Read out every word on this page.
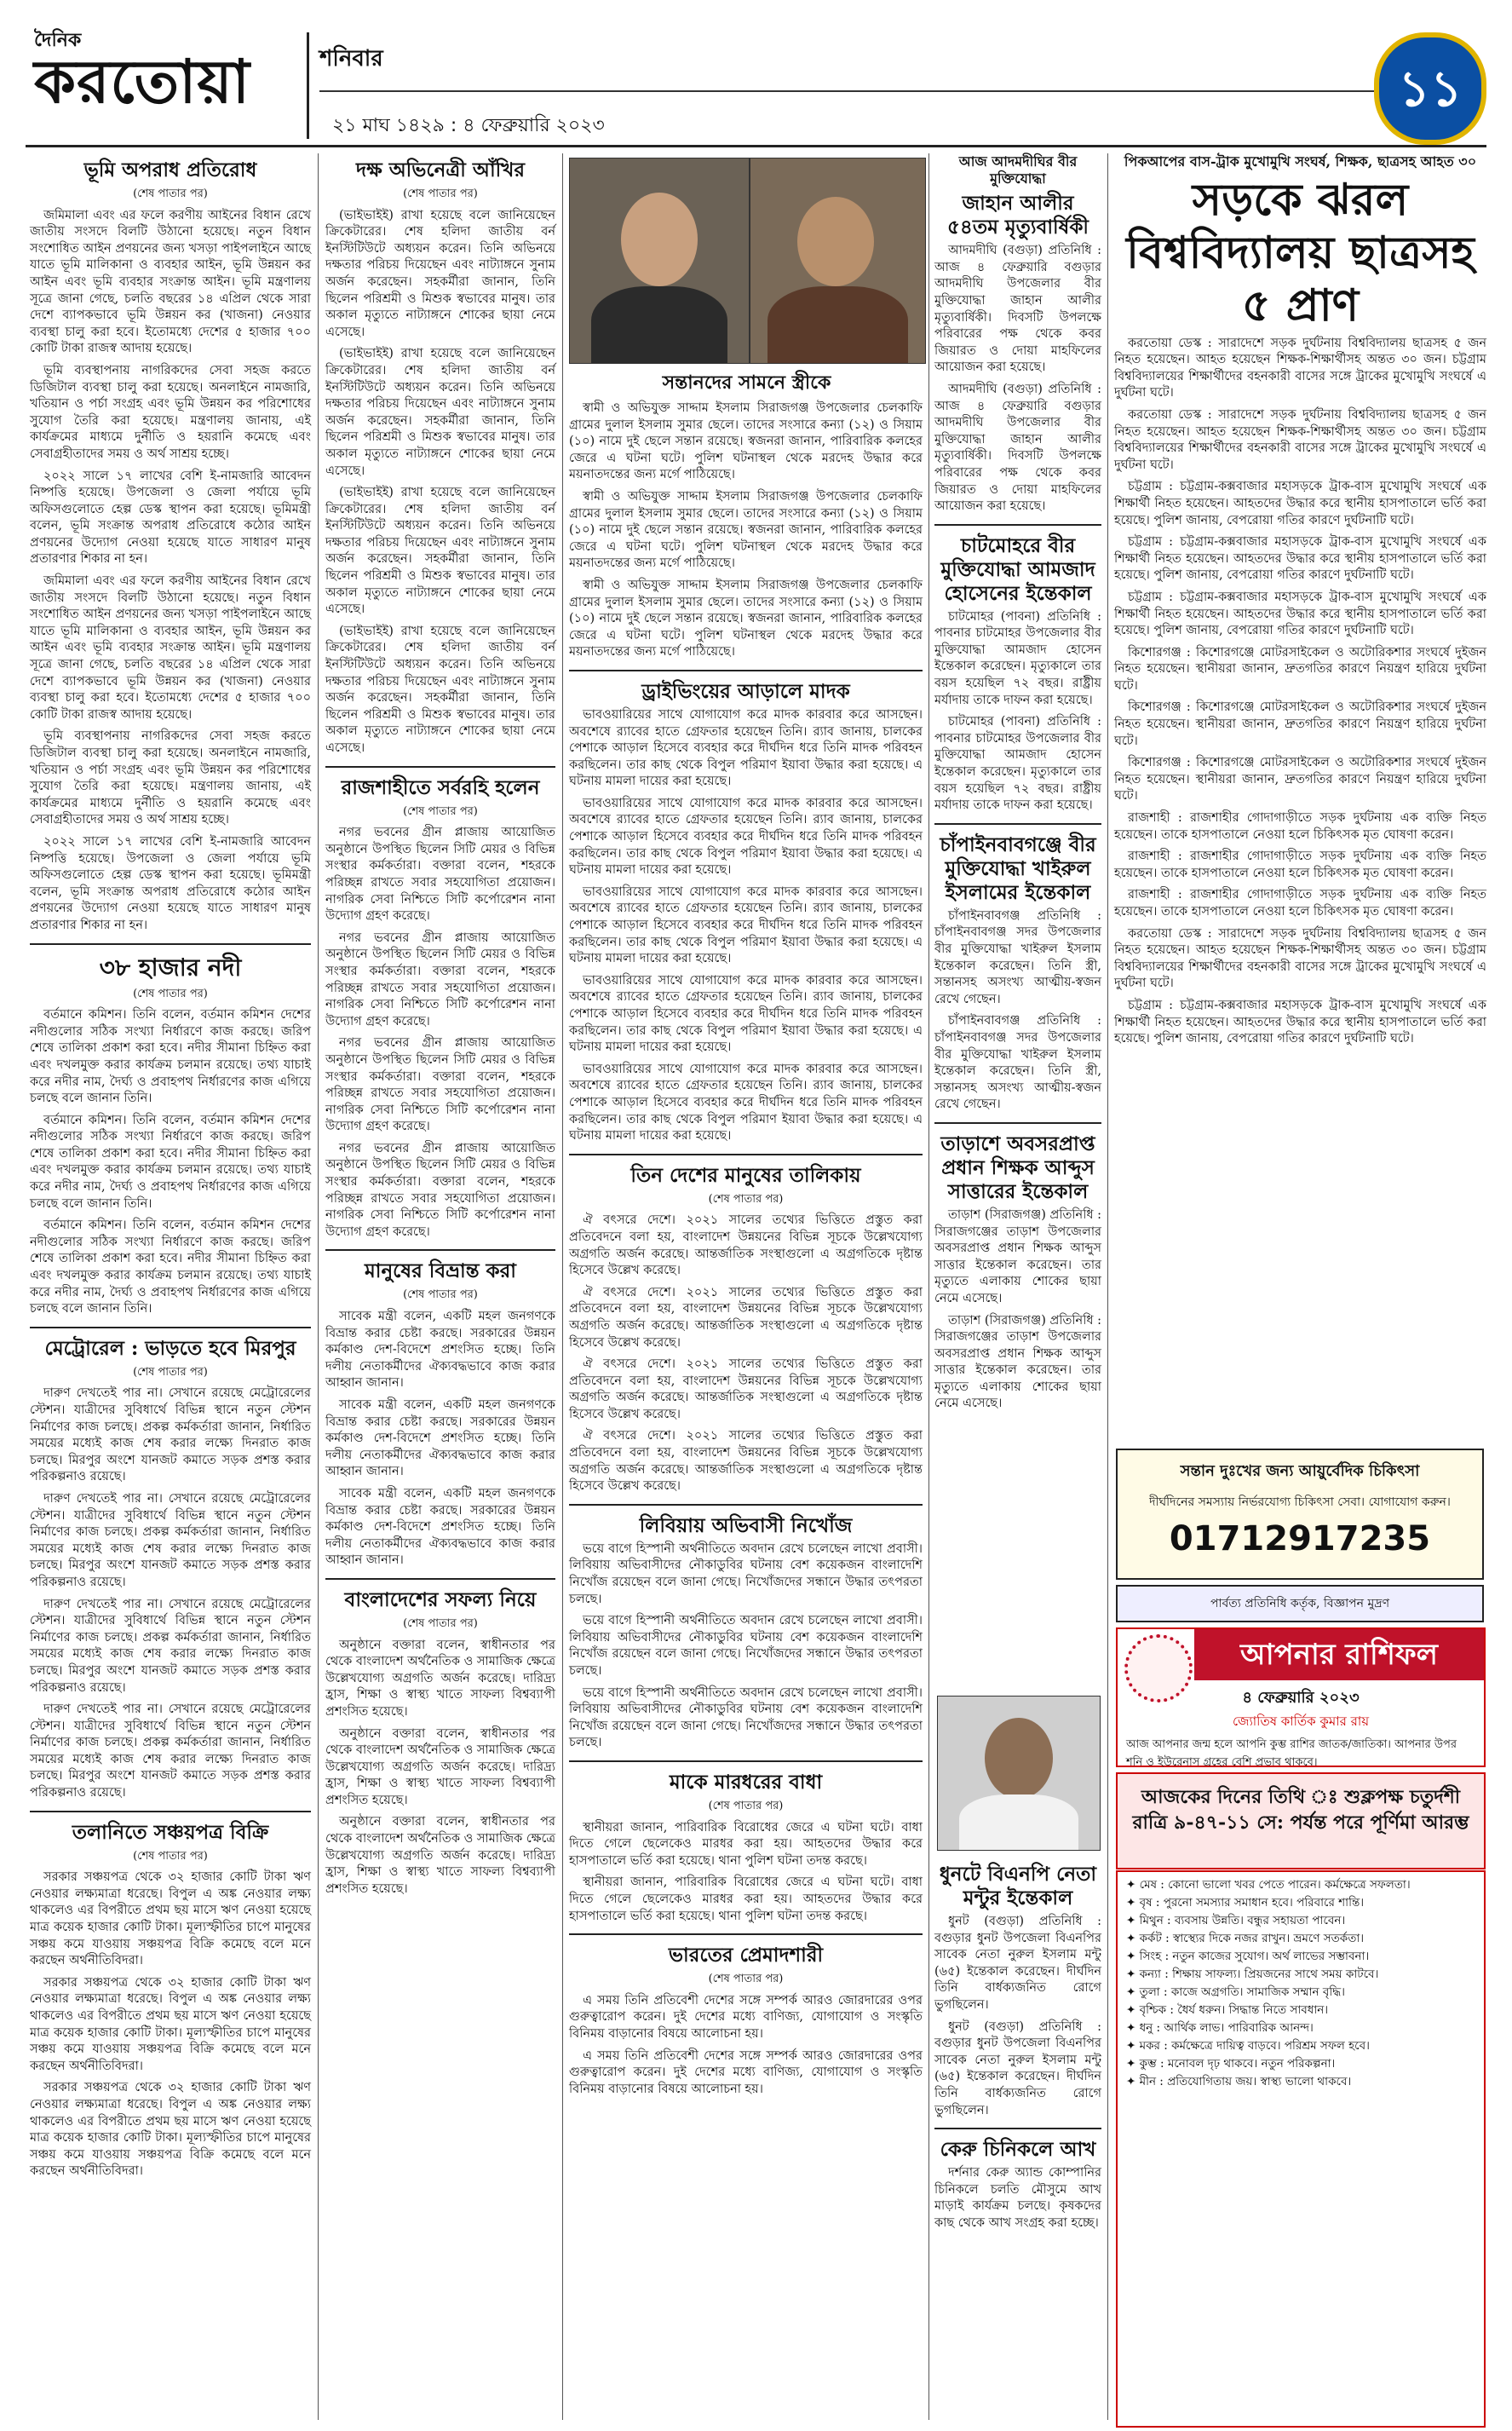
দৈনিক
করতোয়া	শনিবার
২১ মাঘ ১৪২৯ : ৪ ফেব্রুয়ারি ২০২৩
১১
ভূমি অপরাধ প্রতিরোধ
(শেষ পাতার পর)

জমিমালা এবং এর ফলে করণীয় আইনের বিধান রেখে জাতীয় সংসদে বিলটি উঠানো হয়েছে। নতুন বিধান সংশোধিত আইন প্রণয়নের জন্য খসড়া পাইপলাইনে আছে যাতে ভূমি মালিকানা ও ব্যবহার আইন, ভূমি উন্নয়ন কর আইন এবং ভূমি ব্যবহার সংক্রান্ত আইন। ভূমি মন্ত্রণালয় সূত্রে জানা গেছে, চলতি বছরের ১৪ এপ্রিল থেকে সারা দেশে ব্যাপকভাবে ভূমি উন্নয়ন কর (খাজনা) নেওয়ার ব্যবস্থা চালু করা হবে। ইতোমধ্যে দেশের ৫ হাজার ৭০০ কোটি টাকা রাজস্ব আদায় হয়েছে।

ভূমি ব্যবস্থাপনায় নাগরিকদের সেবা সহজ করতে ডিজিটাল ব্যবস্থা চালু করা হয়েছে। অনলাইনে নামজারি, খতিয়ান ও পর্চা সংগ্রহ এবং ভূমি উন্নয়ন কর পরিশোধের সুযোগ তৈরি করা হয়েছে। মন্ত্রণালয় জানায়, এই কার্যক্রমের মাধ্যমে দুর্নীতি ও হয়রানি কমেছে এবং সেবাগ্রহীতাদের সময় ও অর্থ সাশ্রয় হচ্ছে।

২০২২ সালে ১৭ লাখের বেশি ই-নামজারি আবেদন নিষ্পত্তি হয়েছে। উপজেলা ও জেলা পর্যায়ে ভূমি অফিসগুলোতে হেল্প ডেস্ক স্থাপন করা হয়েছে। ভূমিমন্ত্রী বলেন, ভূমি সংক্রান্ত অপরাধ প্রতিরোধে কঠোর আইন প্রণয়নের উদ্যোগ নেওয়া হয়েছে যাতে সাধারণ মানুষ প্রতারণার শিকার না হন।

জমিমালা এবং এর ফলে করণীয় আইনের বিধান রেখে জাতীয় সংসদে বিলটি উঠানো হয়েছে। নতুন বিধান সংশোধিত আইন প্রণয়নের জন্য খসড়া পাইপলাইনে আছে যাতে ভূমি মালিকানা ও ব্যবহার আইন, ভূমি উন্নয়ন কর আইন এবং ভূমি ব্যবহার সংক্রান্ত আইন। ভূমি মন্ত্রণালয় সূত্রে জানা গেছে, চলতি বছরের ১৪ এপ্রিল থেকে সারা দেশে ব্যাপকভাবে ভূমি উন্নয়ন কর (খাজনা) নেওয়ার ব্যবস্থা চালু করা হবে। ইতোমধ্যে দেশের ৫ হাজার ৭০০ কোটি টাকা রাজস্ব আদায় হয়েছে।

ভূমি ব্যবস্থাপনায় নাগরিকদের সেবা সহজ করতে ডিজিটাল ব্যবস্থা চালু করা হয়েছে। অনলাইনে নামজারি, খতিয়ান ও পর্চা সংগ্রহ এবং ভূমি উন্নয়ন কর পরিশোধের সুযোগ তৈরি করা হয়েছে। মন্ত্রণালয় জানায়, এই কার্যক্রমের মাধ্যমে দুর্নীতি ও হয়রানি কমেছে এবং সেবাগ্রহীতাদের সময় ও অর্থ সাশ্রয় হচ্ছে।

২০২২ সালে ১৭ লাখের বেশি ই-নামজারি আবেদন নিষ্পত্তি হয়েছে। উপজেলা ও জেলা পর্যায়ে ভূমি অফিসগুলোতে হেল্প ডেস্ক স্থাপন করা হয়েছে। ভূমিমন্ত্রী বলেন, ভূমি সংক্রান্ত অপরাধ প্রতিরোধে কঠোর আইন প্রণয়নের উদ্যোগ নেওয়া হয়েছে যাতে সাধারণ মানুষ প্রতারণার শিকার না হন।

৩৮ হাজার নদী
(শেষ পাতার পর)

বর্তমানে কমিশন। তিনি বলেন, বর্তমান কমিশন দেশের নদীগুলোর সঠিক সংখ্যা নির্ধারণে কাজ করছে। জরিপ শেষে তালিকা প্রকাশ করা হবে। নদীর সীমানা চিহ্নিত করা এবং দখলমুক্ত করার কার্যক্রম চলমান রয়েছে। তথ্য যাচাই করে নদীর নাম, দৈর্ঘ্য ও প্রবাহপথ নির্ধারণের কাজ এগিয়ে চলছে বলে জানান তিনি।

বর্তমানে কমিশন। তিনি বলেন, বর্তমান কমিশন দেশের নদীগুলোর সঠিক সংখ্যা নির্ধারণে কাজ করছে। জরিপ শেষে তালিকা প্রকাশ করা হবে। নদীর সীমানা চিহ্নিত করা এবং দখলমুক্ত করার কার্যক্রম চলমান রয়েছে। তথ্য যাচাই করে নদীর নাম, দৈর্ঘ্য ও প্রবাহপথ নির্ধারণের কাজ এগিয়ে চলছে বলে জানান তিনি।

বর্তমানে কমিশন। তিনি বলেন, বর্তমান কমিশন দেশের নদীগুলোর সঠিক সংখ্যা নির্ধারণে কাজ করছে। জরিপ শেষে তালিকা প্রকাশ করা হবে। নদীর সীমানা চিহ্নিত করা এবং দখলমুক্ত করার কার্যক্রম চলমান রয়েছে। তথ্য যাচাই করে নদীর নাম, দৈর্ঘ্য ও প্রবাহপথ নির্ধারণের কাজ এগিয়ে চলছে বলে জানান তিনি।

মেট্রোরেল : ভাড়তে হবে মিরপুর
(শেষ পাতার পর)

দারুণ দেখতেই পার না। সেখানে রয়েছে মেট্রোরেলের স্টেশন। যাত্রীদের সুবিধার্থে বিভিন্ন স্থানে নতুন স্টেশন নির্মাণের কাজ চলছে। প্রকল্প কর্মকর্তারা জানান, নির্ধারিত সময়ের মধ্যেই কাজ শেষ করার লক্ষ্যে দিনরাত কাজ চলছে। মিরপুর অংশে যানজট কমাতে সড়ক প্রশস্ত করার পরিকল্পনাও রয়েছে।

দারুণ দেখতেই পার না। সেখানে রয়েছে মেট্রোরেলের স্টেশন। যাত্রীদের সুবিধার্থে বিভিন্ন স্থানে নতুন স্টেশন নির্মাণের কাজ চলছে। প্রকল্প কর্মকর্তারা জানান, নির্ধারিত সময়ের মধ্যেই কাজ শেষ করার লক্ষ্যে দিনরাত কাজ চলছে। মিরপুর অংশে যানজট কমাতে সড়ক প্রশস্ত করার পরিকল্পনাও রয়েছে।

দারুণ দেখতেই পার না। সেখানে রয়েছে মেট্রোরেলের স্টেশন। যাত্রীদের সুবিধার্থে বিভিন্ন স্থানে নতুন স্টেশন নির্মাণের কাজ চলছে। প্রকল্প কর্মকর্তারা জানান, নির্ধারিত সময়ের মধ্যেই কাজ শেষ করার লক্ষ্যে দিনরাত কাজ চলছে। মিরপুর অংশে যানজট কমাতে সড়ক প্রশস্ত করার পরিকল্পনাও রয়েছে।

দারুণ দেখতেই পার না। সেখানে রয়েছে মেট্রোরেলের স্টেশন। যাত্রীদের সুবিধার্থে বিভিন্ন স্থানে নতুন স্টেশন নির্মাণের কাজ চলছে। প্রকল্প কর্মকর্তারা জানান, নির্ধারিত সময়ের মধ্যেই কাজ শেষ করার লক্ষ্যে দিনরাত কাজ চলছে। মিরপুর অংশে যানজট কমাতে সড়ক প্রশস্ত করার পরিকল্পনাও রয়েছে।

তলানিতে সঞ্চয়পত্র বিক্রি
(শেষ পাতার পর)

সরকার সঞ্চয়পত্র থেকে ৩২ হাজার কোটি টাকা ঋণ নেওয়ার লক্ষ্যমাত্রা ধরেছে। বিপুল এ অঙ্ক নেওয়ার লক্ষ্য থাকলেও এর বিপরীতে প্রথম ছয় মাসে ঋণ নেওয়া হয়েছে মাত্র কয়েক হাজার কোটি টাকা। মূল্যস্ফীতির চাপে মানুষের সঞ্চয় কমে যাওয়ায় সঞ্চয়পত্র বিক্রি কমেছে বলে মনে করছেন অর্থনীতিবিদরা।

সরকার সঞ্চয়পত্র থেকে ৩২ হাজার কোটি টাকা ঋণ নেওয়ার লক্ষ্যমাত্রা ধরেছে। বিপুল এ অঙ্ক নেওয়ার লক্ষ্য থাকলেও এর বিপরীতে প্রথম ছয় মাসে ঋণ নেওয়া হয়েছে মাত্র কয়েক হাজার কোটি টাকা। মূল্যস্ফীতির চাপে মানুষের সঞ্চয় কমে যাওয়ায় সঞ্চয়পত্র বিক্রি কমেছে বলে মনে করছেন অর্থনীতিবিদরা।

সরকার সঞ্চয়পত্র থেকে ৩২ হাজার কোটি টাকা ঋণ নেওয়ার লক্ষ্যমাত্রা ধরেছে। বিপুল এ অঙ্ক নেওয়ার লক্ষ্য থাকলেও এর বিপরীতে প্রথম ছয় মাসে ঋণ নেওয়া হয়েছে মাত্র কয়েক হাজার কোটি টাকা। মূল্যস্ফীতির চাপে মানুষের সঞ্চয় কমে যাওয়ায় সঞ্চয়পত্র বিক্রি কমেছে বলে মনে করছেন অর্থনীতিবিদরা।

দক্ষ অভিনেত্রী আঁখির
(শেষ পাতার পর)

(ভাইভাইই) রাখা হয়েছে বলে জানিয়েছেন ক্রিকেটারের। শেষ হলিদা জাতীয় বর্ন ইনস্টিটিউটে অধ্যয়ন করেন। তিনি অভিনয়ে দক্ষতার পরিচয় দিয়েছেন এবং নাট্যাঙ্গনে সুনাম অর্জন করেছেন। সহকর্মীরা জানান, তিনি ছিলেন পরিশ্রমী ও মিশুক স্বভাবের মানুষ। তার অকাল মৃত্যুতে নাট্যাঙ্গনে শোকের ছায়া নেমে এসেছে।

(ভাইভাইই) রাখা হয়েছে বলে জানিয়েছেন ক্রিকেটারের। শেষ হলিদা জাতীয় বর্ন ইনস্টিটিউটে অধ্যয়ন করেন। তিনি অভিনয়ে দক্ষতার পরিচয় দিয়েছেন এবং নাট্যাঙ্গনে সুনাম অর্জন করেছেন। সহকর্মীরা জানান, তিনি ছিলেন পরিশ্রমী ও মিশুক স্বভাবের মানুষ। তার অকাল মৃত্যুতে নাট্যাঙ্গনে শোকের ছায়া নেমে এসেছে।

(ভাইভাইই) রাখা হয়েছে বলে জানিয়েছেন ক্রিকেটারের। শেষ হলিদা জাতীয় বর্ন ইনস্টিটিউটে অধ্যয়ন করেন। তিনি অভিনয়ে দক্ষতার পরিচয় দিয়েছেন এবং নাট্যাঙ্গনে সুনাম অর্জন করেছেন। সহকর্মীরা জানান, তিনি ছিলেন পরিশ্রমী ও মিশুক স্বভাবের মানুষ। তার অকাল মৃত্যুতে নাট্যাঙ্গনে শোকের ছায়া নেমে এসেছে।

(ভাইভাইই) রাখা হয়েছে বলে জানিয়েছেন ক্রিকেটারের। শেষ হলিদা জাতীয় বর্ন ইনস্টিটিউটে অধ্যয়ন করেন। তিনি অভিনয়ে দক্ষতার পরিচয় দিয়েছেন এবং নাট্যাঙ্গনে সুনাম অর্জন করেছেন। সহকর্মীরা জানান, তিনি ছিলেন পরিশ্রমী ও মিশুক স্বভাবের মানুষ। তার অকাল মৃত্যুতে নাট্যাঙ্গনে শোকের ছায়া নেমে এসেছে।

রাজশাহীতে সর্বরহি হলেন
(শেষ পাতার পর)

নগর ভবনের গ্রীন প্লাজায় আয়োজিত অনুষ্ঠানে উপস্থিত ছিলেন সিটি মেয়র ও বিভিন্ন সংস্থার কর্মকর্তারা। বক্তারা বলেন, শহরকে পরিচ্ছন্ন রাখতে সবার সহযোগিতা প্রয়োজন। নাগরিক সেবা নিশ্চিতে সিটি কর্পোরেশন নানা উদ্যোগ গ্রহণ করেছে।

নগর ভবনের গ্রীন প্লাজায় আয়োজিত অনুষ্ঠানে উপস্থিত ছিলেন সিটি মেয়র ও বিভিন্ন সংস্থার কর্মকর্তারা। বক্তারা বলেন, শহরকে পরিচ্ছন্ন রাখতে সবার সহযোগিতা প্রয়োজন। নাগরিক সেবা নিশ্চিতে সিটি কর্পোরেশন নানা উদ্যোগ গ্রহণ করেছে।

নগর ভবনের গ্রীন প্লাজায় আয়োজিত অনুষ্ঠানে উপস্থিত ছিলেন সিটি মেয়র ও বিভিন্ন সংস্থার কর্মকর্তারা। বক্তারা বলেন, শহরকে পরিচ্ছন্ন রাখতে সবার সহযোগিতা প্রয়োজন। নাগরিক সেবা নিশ্চিতে সিটি কর্পোরেশন নানা উদ্যোগ গ্রহণ করেছে।

নগর ভবনের গ্রীন প্লাজায় আয়োজিত অনুষ্ঠানে উপস্থিত ছিলেন সিটি মেয়র ও বিভিন্ন সংস্থার কর্মকর্তারা। বক্তারা বলেন, শহরকে পরিচ্ছন্ন রাখতে সবার সহযোগিতা প্রয়োজন। নাগরিক সেবা নিশ্চিতে সিটি কর্পোরেশন নানা উদ্যোগ গ্রহণ করেছে।

মানুষের বিভ্রান্ত করা
(শেষ পাতার পর)

সাবেক মন্ত্রী বলেন, একটি মহল জনগণকে বিভ্রান্ত করার চেষ্টা করছে। সরকারের উন্নয়ন কর্মকাণ্ড দেশ-বিদেশে প্রশংসিত হচ্ছে। তিনি দলীয় নেতাকর্মীদের ঐক্যবদ্ধভাবে কাজ করার আহ্বান জানান।

সাবেক মন্ত্রী বলেন, একটি মহল জনগণকে বিভ্রান্ত করার চেষ্টা করছে। সরকারের উন্নয়ন কর্মকাণ্ড দেশ-বিদেশে প্রশংসিত হচ্ছে। তিনি দলীয় নেতাকর্মীদের ঐক্যবদ্ধভাবে কাজ করার আহ্বান জানান।

সাবেক মন্ত্রী বলেন, একটি মহল জনগণকে বিভ্রান্ত করার চেষ্টা করছে। সরকারের উন্নয়ন কর্মকাণ্ড দেশ-বিদেশে প্রশংসিত হচ্ছে। তিনি দলীয় নেতাকর্মীদের ঐক্যবদ্ধভাবে কাজ করার আহ্বান জানান।

বাংলাদেশের সফল্য নিয়ে
(শেষ পাতার পর)

অনুষ্ঠানে বক্তারা বলেন, স্বাধীনতার পর থেকে বাংলাদেশ অর্থনৈতিক ও সামাজিক ক্ষেত্রে উল্লেখযোগ্য অগ্রগতি অর্জন করেছে। দারিদ্র্য হ্রাস, শিক্ষা ও স্বাস্থ্য খাতে সাফল্য বিশ্বব্যাপী প্রশংসিত হয়েছে।

অনুষ্ঠানে বক্তারা বলেন, স্বাধীনতার পর থেকে বাংলাদেশ অর্থনৈতিক ও সামাজিক ক্ষেত্রে উল্লেখযোগ্য অগ্রগতি অর্জন করেছে। দারিদ্র্য হ্রাস, শিক্ষা ও স্বাস্থ্য খাতে সাফল্য বিশ্বব্যাপী প্রশংসিত হয়েছে।

অনুষ্ঠানে বক্তারা বলেন, স্বাধীনতার পর থেকে বাংলাদেশ অর্থনৈতিক ও সামাজিক ক্ষেত্রে উল্লেখযোগ্য অগ্রগতি অর্জন করেছে। দারিদ্র্য হ্রাস, শিক্ষা ও স্বাস্থ্য খাতে সাফল্য বিশ্বব্যাপী প্রশংসিত হয়েছে।

সন্তানদের সামনে স্ত্রীকে

স্বামী ও অভিযুক্ত সাদ্দাম ইসলাম সিরাজগঞ্জ উপজেলার চেলকাফি গ্রামের দুলাল ইসলাম সুমার ছেলে। তাদের সংসারে কন্যা (১২) ও সিয়াম (১০) নামে দুই ছেলে সন্তান রয়েছে। স্বজনরা জানান, পারিবারিক কলহের জেরে এ ঘটনা ঘটে। পুলিশ ঘটনাস্থল থেকে মরদেহ উদ্ধার করে ময়নাতদন্তের জন্য মর্গে পাঠিয়েছে।

স্বামী ও অভিযুক্ত সাদ্দাম ইসলাম সিরাজগঞ্জ উপজেলার চেলকাফি গ্রামের দুলাল ইসলাম সুমার ছেলে। তাদের সংসারে কন্যা (১২) ও সিয়াম (১০) নামে দুই ছেলে সন্তান রয়েছে। স্বজনরা জানান, পারিবারিক কলহের জেরে এ ঘটনা ঘটে। পুলিশ ঘটনাস্থল থেকে মরদেহ উদ্ধার করে ময়নাতদন্তের জন্য মর্গে পাঠিয়েছে।

স্বামী ও অভিযুক্ত সাদ্দাম ইসলাম সিরাজগঞ্জ উপজেলার চেলকাফি গ্রামের দুলাল ইসলাম সুমার ছেলে। তাদের সংসারে কন্যা (১২) ও সিয়াম (১০) নামে দুই ছেলে সন্তান রয়েছে। স্বজনরা জানান, পারিবারিক কলহের জেরে এ ঘটনা ঘটে। পুলিশ ঘটনাস্থল থেকে মরদেহ উদ্ধার করে ময়নাতদন্তের জন্য মর্গে পাঠিয়েছে।

ড্রাইভিংয়ের আড়ালে মাদক

ভাবওয়ারিয়ের সাথে যোগাযোগ করে মাদক কারবার করে আসছেন। অবশেষে র‌্যাবের হাতে গ্রেফতার হয়েছেন তিনি। র‌্যাব জানায়, চালকের পেশাকে আড়াল হিসেবে ব্যবহার করে দীর্ঘদিন ধরে তিনি মাদক পরিবহন করছিলেন। তার কাছ থেকে বিপুল পরিমাণ ইয়াবা উদ্ধার করা হয়েছে। এ ঘটনায় মামলা দায়ের করা হয়েছে।

ভাবওয়ারিয়ের সাথে যোগাযোগ করে মাদক কারবার করে আসছেন। অবশেষে র‌্যাবের হাতে গ্রেফতার হয়েছেন তিনি। র‌্যাব জানায়, চালকের পেশাকে আড়াল হিসেবে ব্যবহার করে দীর্ঘদিন ধরে তিনি মাদক পরিবহন করছিলেন। তার কাছ থেকে বিপুল পরিমাণ ইয়াবা উদ্ধার করা হয়েছে। এ ঘটনায় মামলা দায়ের করা হয়েছে।

ভাবওয়ারিয়ের সাথে যোগাযোগ করে মাদক কারবার করে আসছেন। অবশেষে র‌্যাবের হাতে গ্রেফতার হয়েছেন তিনি। র‌্যাব জানায়, চালকের পেশাকে আড়াল হিসেবে ব্যবহার করে দীর্ঘদিন ধরে তিনি মাদক পরিবহন করছিলেন। তার কাছ থেকে বিপুল পরিমাণ ইয়াবা উদ্ধার করা হয়েছে। এ ঘটনায় মামলা দায়ের করা হয়েছে।

ভাবওয়ারিয়ের সাথে যোগাযোগ করে মাদক কারবার করে আসছেন। অবশেষে র‌্যাবের হাতে গ্রেফতার হয়েছেন তিনি। র‌্যাব জানায়, চালকের পেশাকে আড়াল হিসেবে ব্যবহার করে দীর্ঘদিন ধরে তিনি মাদক পরিবহন করছিলেন। তার কাছ থেকে বিপুল পরিমাণ ইয়াবা উদ্ধার করা হয়েছে। এ ঘটনায় মামলা দায়ের করা হয়েছে।

ভাবওয়ারিয়ের সাথে যোগাযোগ করে মাদক কারবার করে আসছেন। অবশেষে র‌্যাবের হাতে গ্রেফতার হয়েছেন তিনি। র‌্যাব জানায়, চালকের পেশাকে আড়াল হিসেবে ব্যবহার করে দীর্ঘদিন ধরে তিনি মাদক পরিবহন করছিলেন। তার কাছ থেকে বিপুল পরিমাণ ইয়াবা উদ্ধার করা হয়েছে। এ ঘটনায় মামলা দায়ের করা হয়েছে।

তিন দেশের মানুষের তালিকায়
(শেষ পাতার পর)

ঐ বৎসরে দেশে। ২০২১ সালের তথ্যের ভিত্তিতে প্রস্তুত করা প্রতিবেদনে বলা হয়, বাংলাদেশ উন্নয়নের বিভিন্ন সূচকে উল্লেখযোগ্য অগ্রগতি অর্জন করেছে। আন্তর্জাতিক সংস্থাগুলো এ অগ্রগতিকে দৃষ্টান্ত হিসেবে উল্লেখ করেছে।

ঐ বৎসরে দেশে। ২০২১ সালের তথ্যের ভিত্তিতে প্রস্তুত করা প্রতিবেদনে বলা হয়, বাংলাদেশ উন্নয়নের বিভিন্ন সূচকে উল্লেখযোগ্য অগ্রগতি অর্জন করেছে। আন্তর্জাতিক সংস্থাগুলো এ অগ্রগতিকে দৃষ্টান্ত হিসেবে উল্লেখ করেছে।

ঐ বৎসরে দেশে। ২০২১ সালের তথ্যের ভিত্তিতে প্রস্তুত করা প্রতিবেদনে বলা হয়, বাংলাদেশ উন্নয়নের বিভিন্ন সূচকে উল্লেখযোগ্য অগ্রগতি অর্জন করেছে। আন্তর্জাতিক সংস্থাগুলো এ অগ্রগতিকে দৃষ্টান্ত হিসেবে উল্লেখ করেছে।

ঐ বৎসরে দেশে। ২০২১ সালের তথ্যের ভিত্তিতে প্রস্তুত করা প্রতিবেদনে বলা হয়, বাংলাদেশ উন্নয়নের বিভিন্ন সূচকে উল্লেখযোগ্য অগ্রগতি অর্জন করেছে। আন্তর্জাতিক সংস্থাগুলো এ অগ্রগতিকে দৃষ্টান্ত হিসেবে উল্লেখ করেছে।

লিবিয়ায় অভিবাসী নিখোঁজ

ভয়ে বাগে হিস্পানী অর্থনীতিতে অবদান রেখে চলেছেন লাখো প্রবাসী। লিবিয়ায় অভিবাসীদের নৌকাডুবির ঘটনায় বেশ কয়েকজন বাংলাদেশি নিখোঁজ রয়েছেন বলে জানা গেছে। নিখোঁজদের সন্ধানে উদ্ধার তৎপরতা চলছে।

ভয়ে বাগে হিস্পানী অর্থনীতিতে অবদান রেখে চলেছেন লাখো প্রবাসী। লিবিয়ায় অভিবাসীদের নৌকাডুবির ঘটনায় বেশ কয়েকজন বাংলাদেশি নিখোঁজ রয়েছেন বলে জানা গেছে। নিখোঁজদের সন্ধানে উদ্ধার তৎপরতা চলছে।

ভয়ে বাগে হিস্পানী অর্থনীতিতে অবদান রেখে চলেছেন লাখো প্রবাসী। লিবিয়ায় অভিবাসীদের নৌকাডুবির ঘটনায় বেশ কয়েকজন বাংলাদেশি নিখোঁজ রয়েছেন বলে জানা গেছে। নিখোঁজদের সন্ধানে উদ্ধার তৎপরতা চলছে।

মাকে মারধরের বাধা
(শেষ পাতার পর)

স্থানীয়রা জানান, পারিবারিক বিরোধের জেরে এ ঘটনা ঘটে। বাধা দিতে গেলে ছেলেকেও মারধর করা হয়। আহতদের উদ্ধার করে হাসপাতালে ভর্তি করা হয়েছে। থানা পুলিশ ঘটনা তদন্ত করছে।

স্থানীয়রা জানান, পারিবারিক বিরোধের জেরে এ ঘটনা ঘটে। বাধা দিতে গেলে ছেলেকেও মারধর করা হয়। আহতদের উদ্ধার করে হাসপাতালে ভর্তি করা হয়েছে। থানা পুলিশ ঘটনা তদন্ত করছে।

ভারতের প্রেমাদশারী
(শেষ পাতার পর)

এ সময় তিনি প্রতিবেশী দেশের সঙ্গে সম্পর্ক আরও জোরদারের ওপর গুরুত্বারোপ করেন। দুই দেশের মধ্যে বাণিজ্য, যোগাযোগ ও সংস্কৃতি বিনিময় বাড়ানোর বিষয়ে আলোচনা হয়।

এ সময় তিনি প্রতিবেশী দেশের সঙ্গে সম্পর্ক আরও জোরদারের ওপর গুরুত্বারোপ করেন। দুই দেশের মধ্যে বাণিজ্য, যোগাযোগ ও সংস্কৃতি বিনিময় বাড়ানোর বিষয়ে আলোচনা হয়।

আজ আদমদীঘির বীর মুক্তিযোদ্ধা
জাহান আলীর ৫৪তম মৃত্যুবার্ষিকী

আদমদীঘি (বগুড়া) প্রতিনিধি : আজ ৪ ফেব্রুয়ারি বগুড়ার আদমদীঘি উপজেলার বীর মুক্তিযোদ্ধা জাহান আলীর মৃত্যুবার্ষিকী। দিবসটি উপলক্ষে পরিবারের পক্ষ থেকে কবর জিয়ারত ও দোয়া মাহফিলের আয়োজন করা হয়েছে।

আদমদীঘি (বগুড়া) প্রতিনিধি : আজ ৪ ফেব্রুয়ারি বগুড়ার আদমদীঘি উপজেলার বীর মুক্তিযোদ্ধা জাহান আলীর মৃত্যুবার্ষিকী। দিবসটি উপলক্ষে পরিবারের পক্ষ থেকে কবর জিয়ারত ও দোয়া মাহফিলের আয়োজন করা হয়েছে।

চাটমোহরে বীর মুক্তিযোদ্ধা আমজাদ হোসেনের ইন্তেকাল

চাটমোহর (পাবনা) প্রতিনিধি : পাবনার চাটমোহর উপজেলার বীর মুক্তিযোদ্ধা আমজাদ হোসেন ইন্তেকাল করেছেন। মৃত্যুকালে তার বয়স হয়েছিল ৭২ বছর। রাষ্ট্রীয় মর্যাদায় তাকে দাফন করা হয়েছে।

চাটমোহর (পাবনা) প্রতিনিধি : পাবনার চাটমোহর উপজেলার বীর মুক্তিযোদ্ধা আমজাদ হোসেন ইন্তেকাল করেছেন। মৃত্যুকালে তার বয়স হয়েছিল ৭২ বছর। রাষ্ট্রীয় মর্যাদায় তাকে দাফন করা হয়েছে।

চাঁপাইনবাবগঞ্জে বীর মুক্তিযোদ্ধা খাইরুল ইসলামের ইন্তেকাল

চাঁপাইনবাবগঞ্জ প্রতিনিধি : চাঁপাইনবাবগঞ্জ সদর উপজেলার বীর মুক্তিযোদ্ধা খাইরুল ইসলাম ইন্তেকাল করেছেন। তিনি স্ত্রী, সন্তানসহ অসংখ্য আত্মীয়-স্বজন রেখে গেছেন।

চাঁপাইনবাবগঞ্জ প্রতিনিধি : চাঁপাইনবাবগঞ্জ সদর উপজেলার বীর মুক্তিযোদ্ধা খাইরুল ইসলাম ইন্তেকাল করেছেন। তিনি স্ত্রী, সন্তানসহ অসংখ্য আত্মীয়-স্বজন রেখে গেছেন।

তাড়াশে অবসরপ্রাপ্ত প্রধান শিক্ষক আব্দুস সাত্তারের ইন্তেকাল

তাড়াশ (সিরাজগঞ্জ) প্রতিনিধি : সিরাজগঞ্জের তাড়াশ উপজেলার অবসরপ্রাপ্ত প্রধান শিক্ষক আব্দুস সাত্তার ইন্তেকাল করেছেন। তার মৃত্যুতে এলাকায় শোকের ছায়া নেমে এসেছে।

তাড়াশ (সিরাজগঞ্জ) প্রতিনিধি : সিরাজগঞ্জের তাড়াশ উপজেলার অবসরপ্রাপ্ত প্রধান শিক্ষক আব্দুস সাত্তার ইন্তেকাল করেছেন। তার মৃত্যুতে এলাকায় শোকের ছায়া নেমে এসেছে।

ধুনটে বিএনপি নেতা মন্টুর ইন্তেকাল

ধুনট (বগুড়া) প্রতিনিধি : বগুড়ার ধুনট উপজেলা বিএনপির সাবেক নেতা নুরুল ইসলাম মন্টু (৬৫) ইন্তেকাল করেছেন। দীর্ঘদিন তিনি বার্ধক্যজনিত রোগে ভুগছিলেন।

ধুনট (বগুড়া) প্রতিনিধি : বগুড়ার ধুনট উপজেলা বিএনপির সাবেক নেতা নুরুল ইসলাম মন্টু (৬৫) ইন্তেকাল করেছেন। দীর্ঘদিন তিনি বার্ধক্যজনিত রোগে ভুগছিলেন।

কেরু চিনিকলে আখ

দর্শনার কেরু অ্যান্ড কোম্পানির চিনিকলে চলতি মৌসুমে আখ মাড়াই কার্যক্রম চলছে। কৃষকদের কাছ থেকে আখ সংগ্রহ করা হচ্ছে।

পিকআপের বাস-ট্রাক মুখোমুখি সংঘর্ষ, শিক্ষক, ছাত্রসহ আহত ৩০
সড়কে ঝরল বিশ্ববিদ্যালয় ছাত্রসহ ৫ প্রাণ

করতোয়া ডেস্ক : সারাদেশে সড়ক দুর্ঘটনায় বিশ্ববিদ্যালয় ছাত্রসহ ৫ জন নিহত হয়েছেন। আহত হয়েছেন শিক্ষক-শিক্ষার্থীসহ অন্তত ৩০ জন। চট্টগ্রাম বিশ্ববিদ্যালয়ের শিক্ষার্থীদের বহনকারী বাসের সঙ্গে ট্রাকের মুখোমুখি সংঘর্ষে এ দুর্ঘটনা ঘটে।

করতোয়া ডেস্ক : সারাদেশে সড়ক দুর্ঘটনায় বিশ্ববিদ্যালয় ছাত্রসহ ৫ জন নিহত হয়েছেন। আহত হয়েছেন শিক্ষক-শিক্ষার্থীসহ অন্তত ৩০ জন। চট্টগ্রাম বিশ্ববিদ্যালয়ের শিক্ষার্থীদের বহনকারী বাসের সঙ্গে ট্রাকের মুখোমুখি সংঘর্ষে এ দুর্ঘটনা ঘটে।

চট্টগ্রাম : চট্টগ্রাম-কক্সবাজার মহাসড়কে ট্রাক-বাস মুখোমুখি সংঘর্ষে এক শিক্ষার্থী নিহত হয়েছেন। আহতদের উদ্ধার করে স্থানীয় হাসপাতালে ভর্তি করা হয়েছে। পুলিশ জানায়, বেপরোয়া গতির কারণে দুর্ঘটনাটি ঘটে।

চট্টগ্রাম : চট্টগ্রাম-কক্সবাজার মহাসড়কে ট্রাক-বাস মুখোমুখি সংঘর্ষে এক শিক্ষার্থী নিহত হয়েছেন। আহতদের উদ্ধার করে স্থানীয় হাসপাতালে ভর্তি করা হয়েছে। পুলিশ জানায়, বেপরোয়া গতির কারণে দুর্ঘটনাটি ঘটে।

চট্টগ্রাম : চট্টগ্রাম-কক্সবাজার মহাসড়কে ট্রাক-বাস মুখোমুখি সংঘর্ষে এক শিক্ষার্থী নিহত হয়েছেন। আহতদের উদ্ধার করে স্থানীয় হাসপাতালে ভর্তি করা হয়েছে। পুলিশ জানায়, বেপরোয়া গতির কারণে দুর্ঘটনাটি ঘটে।

কিশোরগঞ্জ : কিশোরগঞ্জে মোটরসাইকেল ও অটোরিকশার সংঘর্ষে দুইজন নিহত হয়েছেন। স্থানীয়রা জানান, দ্রুতগতির কারণে নিয়ন্ত্রণ হারিয়ে দুর্ঘটনা ঘটে।

কিশোরগঞ্জ : কিশোরগঞ্জে মোটরসাইকেল ও অটোরিকশার সংঘর্ষে দুইজন নিহত হয়েছেন। স্থানীয়রা জানান, দ্রুতগতির কারণে নিয়ন্ত্রণ হারিয়ে দুর্ঘটনা ঘটে।

কিশোরগঞ্জ : কিশোরগঞ্জে মোটরসাইকেল ও অটোরিকশার সংঘর্ষে দুইজন নিহত হয়েছেন। স্থানীয়রা জানান, দ্রুতগতির কারণে নিয়ন্ত্রণ হারিয়ে দুর্ঘটনা ঘটে।

রাজশাহী : রাজশাহীর গোদাগাড়ীতে সড়ক দুর্ঘটনায় এক ব্যক্তি নিহত হয়েছেন। তাকে হাসপাতালে নেওয়া হলে চিকিৎসক মৃত ঘোষণা করেন।

রাজশাহী : রাজশাহীর গোদাগাড়ীতে সড়ক দুর্ঘটনায় এক ব্যক্তি নিহত হয়েছেন। তাকে হাসপাতালে নেওয়া হলে চিকিৎসক মৃত ঘোষণা করেন।

রাজশাহী : রাজশাহীর গোদাগাড়ীতে সড়ক দুর্ঘটনায় এক ব্যক্তি নিহত হয়েছেন। তাকে হাসপাতালে নেওয়া হলে চিকিৎসক মৃত ঘোষণা করেন।

করতোয়া ডেস্ক : সারাদেশে সড়ক দুর্ঘটনায় বিশ্ববিদ্যালয় ছাত্রসহ ৫ জন নিহত হয়েছেন। আহত হয়েছেন শিক্ষক-শিক্ষার্থীসহ অন্তত ৩০ জন। চট্টগ্রাম বিশ্ববিদ্যালয়ের শিক্ষার্থীদের বহনকারী বাসের সঙ্গে ট্রাকের মুখোমুখি সংঘর্ষে এ দুর্ঘটনা ঘটে।

চট্টগ্রাম : চট্টগ্রাম-কক্সবাজার মহাসড়কে ট্রাক-বাস মুখোমুখি সংঘর্ষে এক শিক্ষার্থী নিহত হয়েছেন। আহতদের উদ্ধার করে স্থানীয় হাসপাতালে ভর্তি করা হয়েছে। পুলিশ জানায়, বেপরোয়া গতির কারণে দুর্ঘটনাটি ঘটে।

সন্তান দুঃখের জন্য আয়ুর্বেদিক চিকিৎসা
দীর্ঘদিনের সমস্যায় নির্ভরযোগ্য চিকিৎসা সেবা। যোগাযোগ করুন।
01712917235
পার্বত্য প্রতিনিধি কর্তৃক, বিজ্ঞাপন মুদ্রণ
আপনার রাশিফল
৪ ফেব্রুয়ারি ২০২৩
জ্যোতিষ কার্তিক কুমার রায়
আজ আপনার জন্ম হলে আপনি কুম্ভ রাশির জাতক/জাতিকা। আপনার উপর শনি ও ইউরেনাস গ্রহের বেশি প্রভাব থাকবে।
আজকের দিনের তিথি ঃ শুক্লপক্ষ চতুর্দশী রাত্রি ৯-৪৭-১১ সে: পর্যন্ত পরে পূর্ণিমা আরম্ভ
✦ মেষ : কোনো ভালো খবর পেতে পারেন। কর্মক্ষেত্রে সফলতা।
✦ বৃষ : পুরনো সমস্যার সমাধান হবে। পরিবারে শান্তি।
✦ মিথুন : ব্যবসায় উন্নতি। বন্ধুর সহায়তা পাবেন।
✦ কর্কট : স্বাস্থ্যের দিকে নজর রাখুন। ভ্রমণে সতর্কতা।
✦ সিংহ : নতুন কাজের সুযোগ। অর্থ লাভের সম্ভাবনা।
✦ কন্যা : শিক্ষায় সাফল্য। প্রিয়জনের সাথে সময় কাটবে।
✦ তুলা : কাজে অগ্রগতি। সামাজিক সম্মান বৃদ্ধি।
✦ বৃশ্চিক : ধৈর্য ধরুন। সিদ্ধান্ত নিতে সাবধান।
✦ ধনু : আর্থিক লাভ। পারিবারিক আনন্দ।
✦ মকর : কর্মক্ষেত্রে দায়িত্ব বাড়বে। পরিশ্রম সফল হবে।
✦ কুম্ভ : মনোবল দৃঢ় থাকবে। নতুন পরিকল্পনা।
✦ মীন : প্রতিযোগিতায় জয়। স্বাস্থ্য ভালো থাকবে।
